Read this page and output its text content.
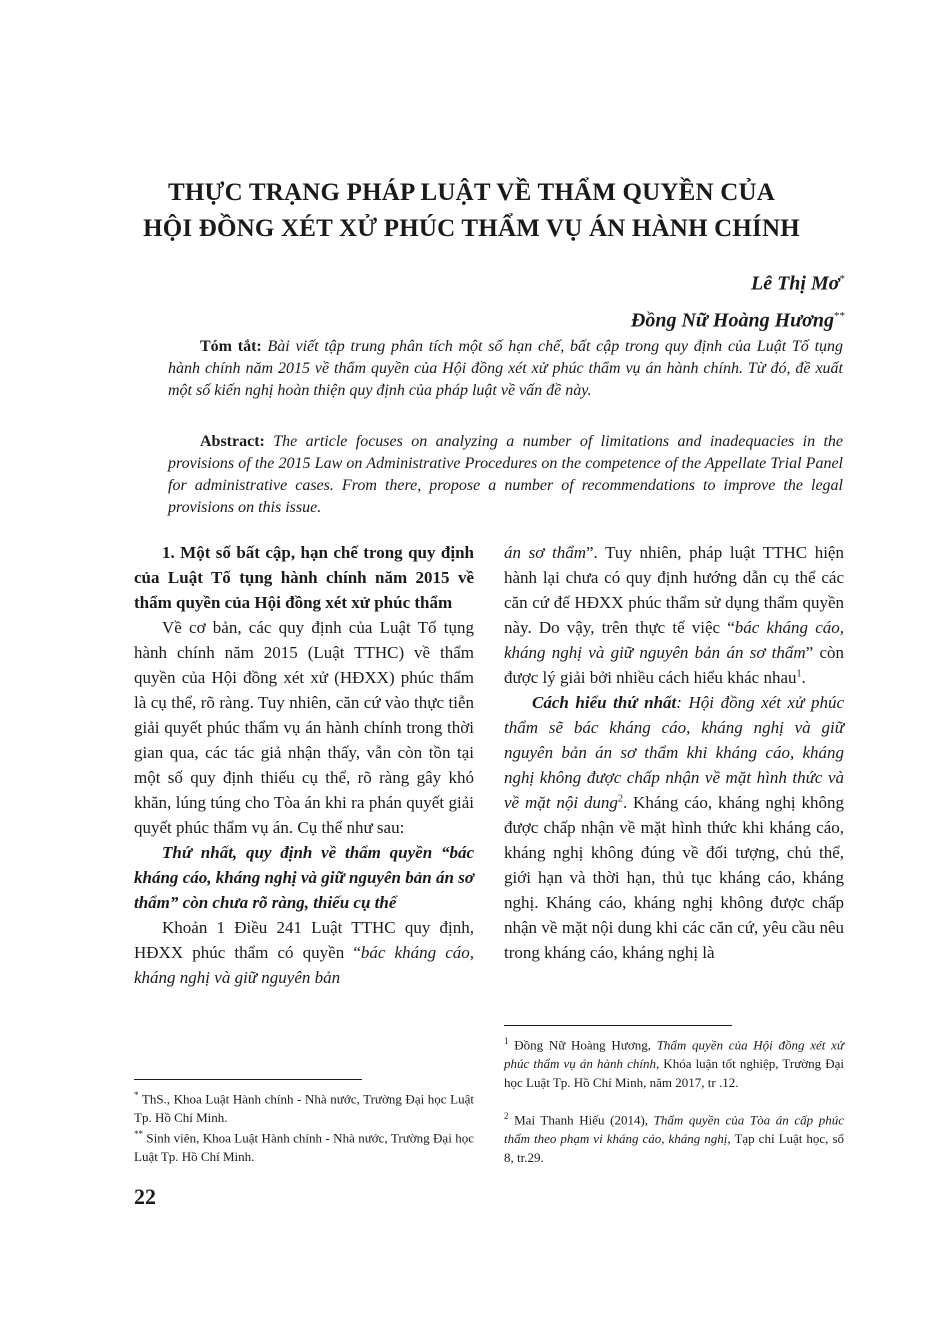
THỰC TRẠNG PHÁP LUẬT VỀ THẨM QUYỀN CỦA
HỘI ĐỒNG XÉT XỬ PHÚC THẨM VỤ ÁN HÀNH CHÍNH
Lê Thị Mơ*
Đồng Nữ Hoàng Hương**

Tóm tắt: Bài viết tập trung phân tích một số hạn chế, bất cập trong quy định của Luật Tố tụng hành chính năm 2015 về thẩm quyền của Hội đồng xét xử phúc thẩm vụ án hành chính. Từ đó, đề xuất một số kiến nghị hoàn thiện quy định của pháp luật về vấn đề này.

Abstract: The article focuses on analyzing a number of limitations and inadequacies in the provisions of the 2015 Law on Administrative Procedures on the competence of the Appellate Trial Panel for administrative cases. From there, propose a number of recommendations to improve the legal provisions on this issue.

1. Một số bất cập, hạn chế trong quy định của Luật Tố tụng hành chính năm 2015 về thẩm quyền của Hội đồng xét xử phúc thẩm

Về cơ bản, các quy định của Luật Tố tụng hành chính năm 2015 (Luật TTHC) về thẩm quyền của Hội đồng xét xử (HĐXX) phúc thẩm là cụ thể, rõ ràng. Tuy nhiên, căn cứ vào thực tiễn giải quyết phúc thẩm vụ án hành chính trong thời gian qua, các tác giả nhận thấy, vẫn còn tồn tại một số quy định thiếu cụ thể, rõ ràng gây khó khăn, lúng túng cho Tòa án khi ra phán quyết giải quyết phúc thẩm vụ án. Cụ thể như sau:

Thứ nhất, quy định về thẩm quyền “bác kháng cáo, kháng nghị và giữ nguyên bản án sơ thẩm” còn chưa rõ ràng, thiếu cụ thể

Khoản 1 Điều 241 Luật TTHC quy định, HĐXX phúc thẩm có quyền “bác kháng cáo, kháng nghị và giữ nguyên bản

* ThS., Khoa Luật Hành chính - Nhà nước, Trường Đại học Luật Tp. Hồ Chí Minh.

** Sinh viên, Khoa Luật Hành chính - Nhà nước, Trường Đại học Luật Tp. Hồ Chí Minh.

án sơ thẩm”. Tuy nhiên, pháp luật TTHC hiện hành lại chưa có quy định hướng dẫn cụ thể các căn cứ để HĐXX phúc thẩm sử dụng thẩm quyền này. Do vậy, trên thực tế việc “bác kháng cáo, kháng nghị và giữ nguyên bản án sơ thẩm” còn được lý giải bởi nhiều cách hiểu khác nhau$^1$.

Cách hiểu thứ nhất: Hội đồng xét xử phúc thẩm sẽ bác kháng cáo, kháng nghị và giữ nguyên bản án sơ thẩm khi kháng cáo, kháng nghị không được chấp nhận về mặt hình thức và về mặt nội dung$^2$. Kháng cáo, kháng nghị không được chấp nhận về mặt hình thức khi kháng cáo, kháng nghị không đúng về đối tượng, chủ thể, giới hạn và thời hạn, thủ tục kháng cáo, kháng nghị. Kháng cáo, kháng nghị không được chấp nhận về mặt nội dung khi các căn cứ, yêu cầu nêu trong kháng cáo, kháng nghị là

$^1$ Đồng Nữ Hoàng Hương, Thẩm quyền của Hội đồng xét xử phúc thẩm vụ án hành chính, Khóa luận tốt nghiệp, Trường Đại học Luật Tp. Hồ Chí Minh, năm 2017, tr .12.

$^2$ Mai Thanh Hiếu (2014), Thẩm quyền của Tòa án cấp phúc thẩm theo phạm vi kháng cáo, kháng nghị, Tạp chí Luật học, số 8, tr.29.

22
